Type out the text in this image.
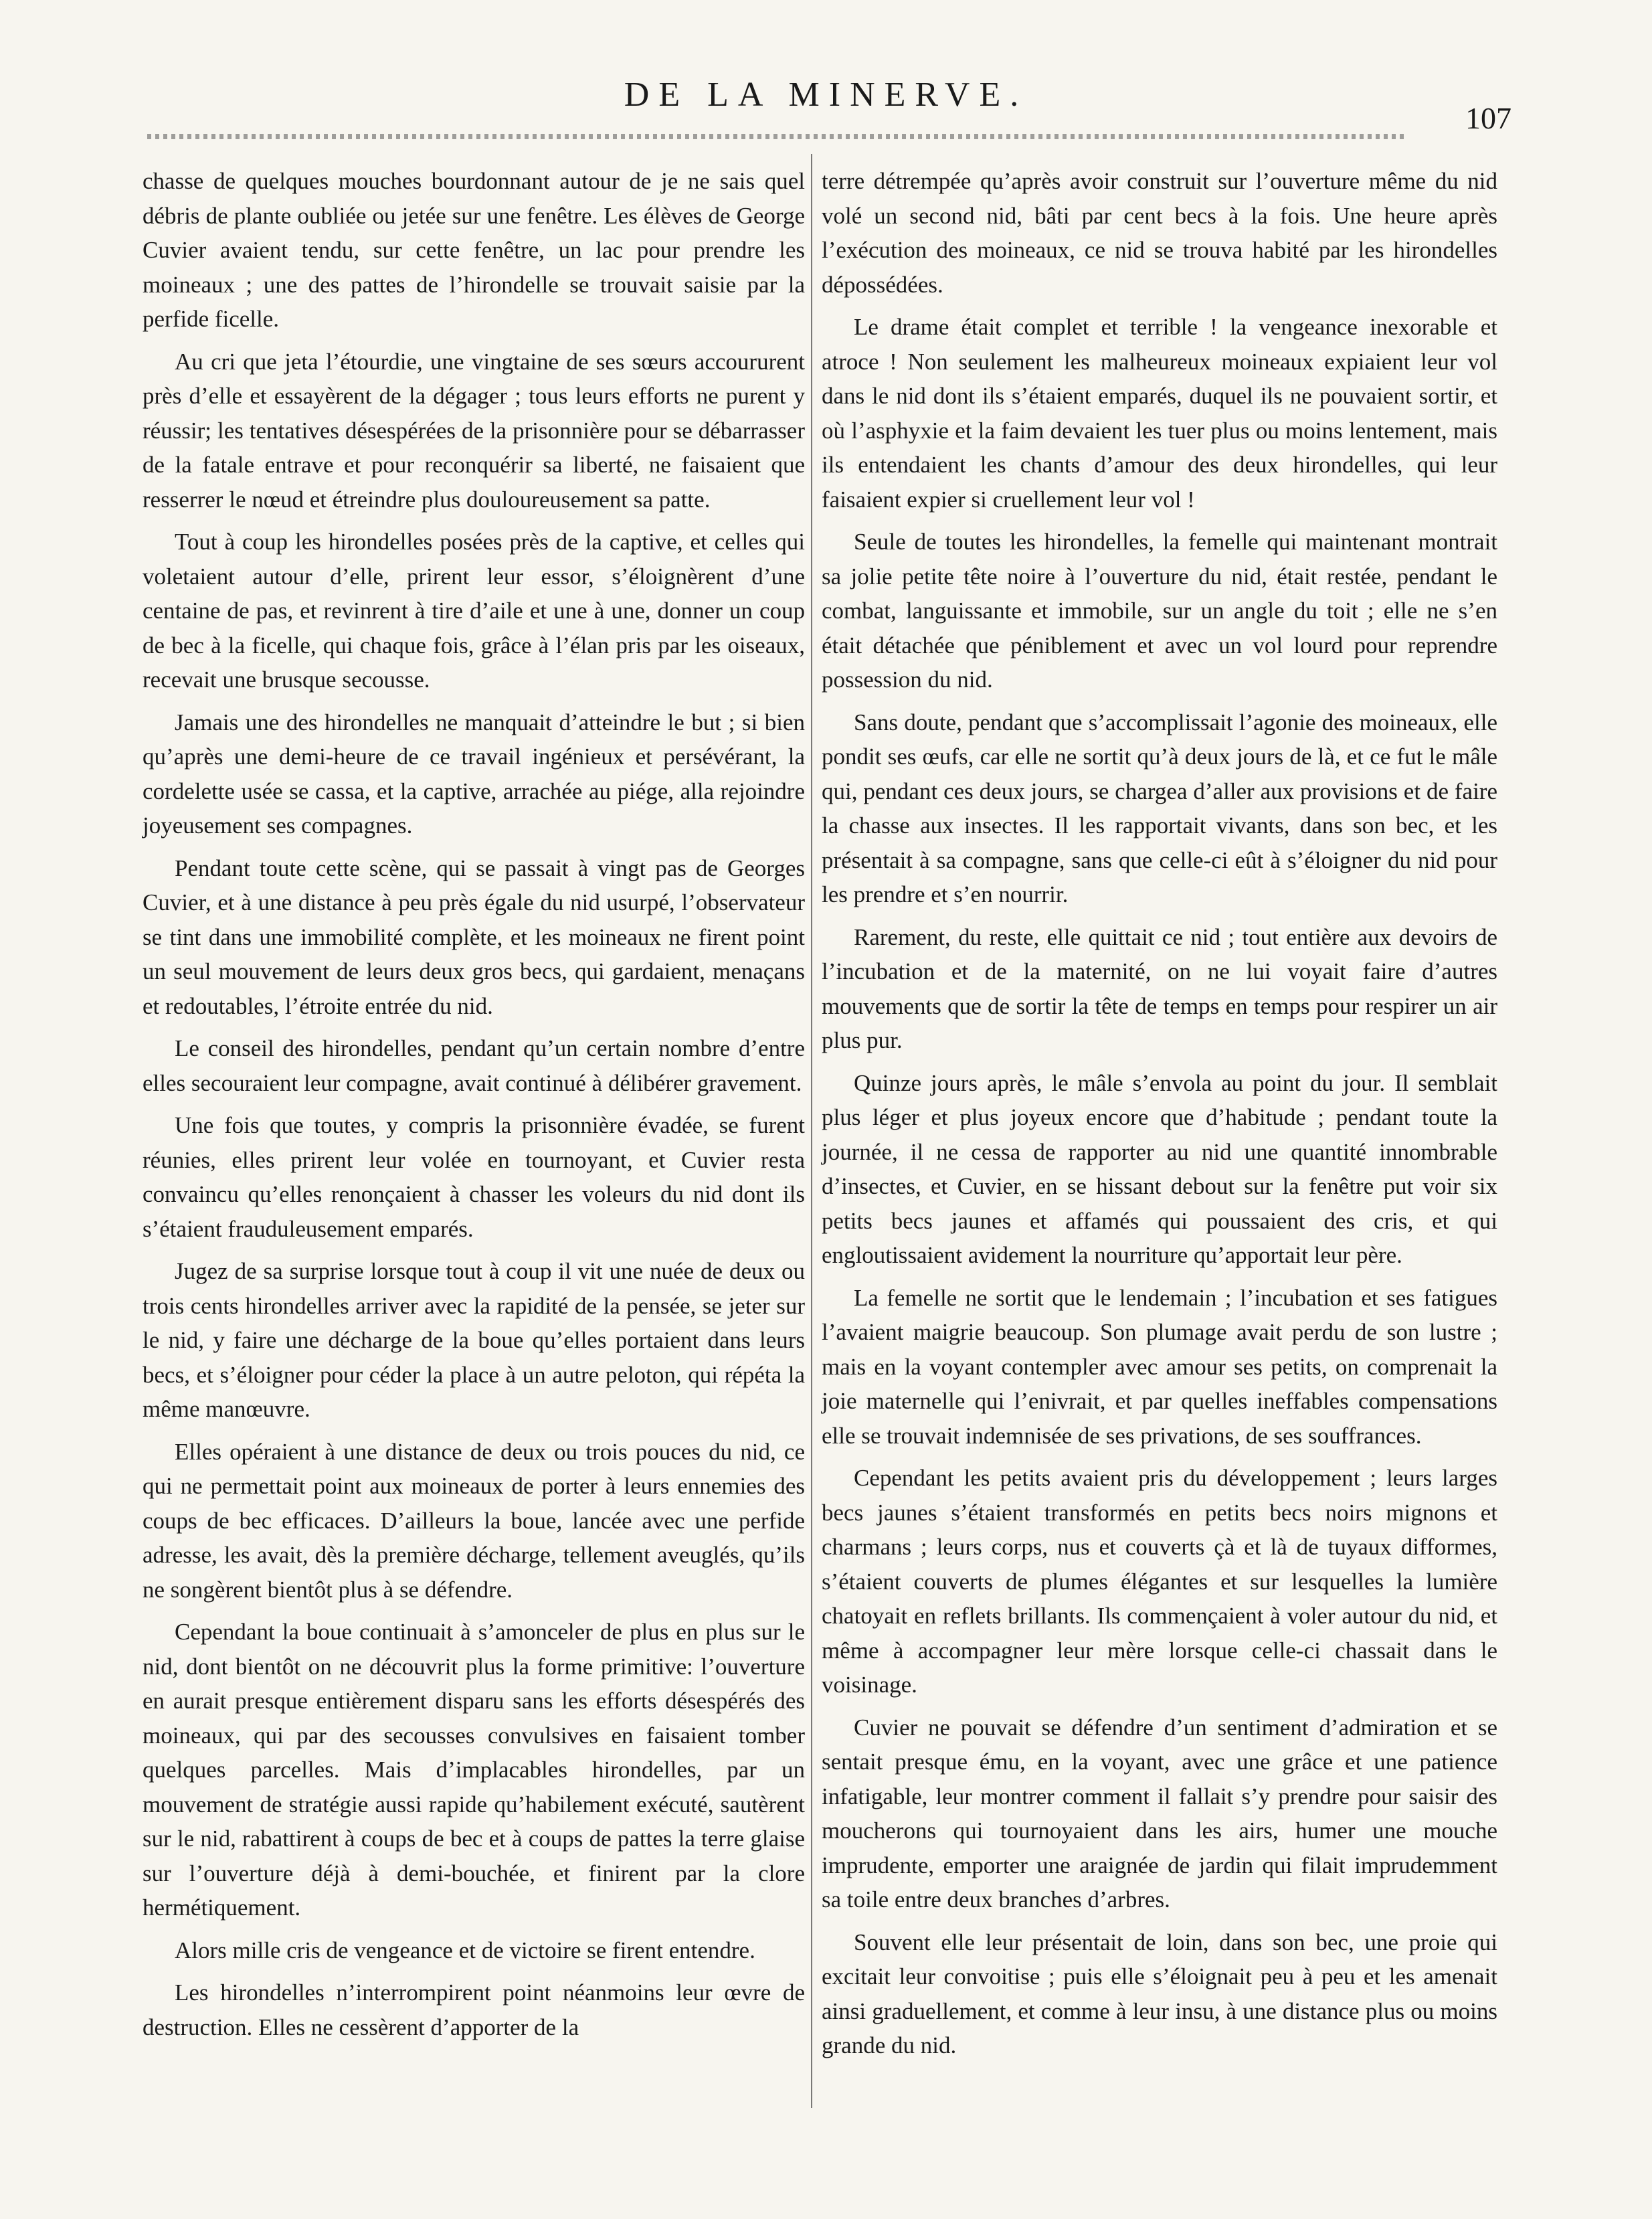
DE LA MINERVE.
107

chasse de quelques mouches bourdonnant autour de je ne sais quel débris de plante oubliée ou jetée sur une fenêtre. Les élèves de George Cuvier avaient tendu, sur cette fenêtre, un lac pour prendre les moineaux ; une des pattes de l’hirondelle se trouvait saisie par la perfide ficelle.

Au cri que jeta l’étourdie, une vingtaine de ses sœurs accoururent près d’elle et essayèrent de la dégager ; tous leurs efforts ne purent y réussir; les tentatives désespérées de la prisonnière pour se débarrasser de la fatale entrave et pour reconquérir sa liberté, ne faisaient que resserrer le nœud et étreindre plus douloureusement sa patte.

Tout à coup les hirondelles posées près de la captive, et celles qui voletaient autour d’elle, prirent leur essor, s’éloignèrent d’une centaine de pas, et revinrent à tire d’aile et une à une, donner un coup de bec à la ficelle, qui chaque fois, grâce à l’élan pris par les oiseaux, recevait une brusque secousse.

Jamais une des hirondelles ne manquait d’atteindre le but ; si bien qu’après une demi-heure de ce travail ingénieux et persévérant, la cordelette usée se cassa, et la captive, arrachée au piége, alla rejoindre joyeusement ses compagnes.

Pendant toute cette scène, qui se passait à vingt pas de Georges Cuvier, et à une distance à peu près égale du nid usurpé, l’observateur se tint dans une immobilité complète, et les moineaux ne firent point un seul mouvement de leurs deux gros becs, qui gardaient, menaçans et redoutables, l’étroite entrée du nid.

Le conseil des hirondelles, pendant qu’un certain nombre d’entre elles secouraient leur compagne, avait continué à délibérer gravement.

Une fois que toutes, y compris la prisonnière évadée, se furent réunies, elles prirent leur volée en tournoyant, et Cuvier resta convaincu qu’elles renonçaient à chasser les voleurs du nid dont ils s’étaient frauduleusement emparés.

Jugez de sa surprise lorsque tout à coup il vit une nuée de deux ou trois cents hirondelles arriver avec la rapidité de la pensée, se jeter sur le nid, y faire une décharge de la boue qu’elles portaient dans leurs becs, et s’éloigner pour céder la place à un autre peloton, qui répéta la même manœuvre.

Elles opéraient à une distance de deux ou trois pouces du nid, ce qui ne permettait point aux moineaux de porter à leurs ennemies des coups de bec efficaces. D’ailleurs la boue, lancée avec une perfide adresse, les avait, dès la première décharge, tellement aveuglés, qu’ils ne songèrent bientôt plus à se défendre.

Cependant la boue continuait à s’amonceler de plus en plus sur le nid, dont bientôt on ne découvrit plus la forme primitive: l’ouverture en aurait presque entièrement disparu sans les efforts désespérés des moineaux, qui par des secousses convulsives en faisaient tomber quelques parcelles. Mais d’implacables hirondelles, par un mouvement de stratégie aussi rapide qu’habilement exécuté, sautèrent sur le nid, rabattirent à coups de bec et à coups de pattes la terre glaise sur l’ouverture déjà à demi-bouchée, et finirent par la clore hermétiquement.

Alors mille cris de vengeance et de victoire se firent entendre.

Les hirondelles n’interrompirent point néanmoins leur œvre de destruction. Elles ne cessèrent d’apporter de la

terre détrempée qu’après avoir construit sur l’ouverture même du nid volé un second nid, bâti par cent becs à la fois. Une heure après l’exécution des moineaux, ce nid se trouva habité par les hirondelles dépossédées.

Le drame était complet et terrible ! la vengeance inexorable et atroce ! Non seulement les malheureux moineaux expiaient leur vol dans le nid dont ils s’étaient emparés, duquel ils ne pouvaient sortir, et où l’asphyxie et la faim devaient les tuer plus ou moins lentement, mais ils entendaient les chants d’amour des deux hirondelles, qui leur faisaient expier si cruellement leur vol !

Seule de toutes les hirondelles, la femelle qui maintenant montrait sa jolie petite tête noire à l’ouverture du nid, était restée, pendant le combat, languissante et immobile, sur un angle du toit ; elle ne s’en était détachée que péniblement et avec un vol lourd pour reprendre possession du nid.

Sans doute, pendant que s’accomplissait l’agonie des moineaux, elle pondit ses œufs, car elle ne sortit qu’à deux jours de là, et ce fut le mâle qui, pendant ces deux jours, se chargea d’aller aux provisions et de faire la chasse aux insectes. Il les rapportait vivants, dans son bec, et les présentait à sa compagne, sans que celle-ci eût à s’éloigner du nid pour les prendre et s’en nourrir.

Rarement, du reste, elle quittait ce nid ; tout entière aux devoirs de l’incubation et de la maternité, on ne lui voyait faire d’autres mouvements que de sortir la tête de temps en temps pour respirer un air plus pur.

Quinze jours après, le mâle s’envola au point du jour. Il semblait plus léger et plus joyeux encore que d’habitude ; pendant toute la journée, il ne cessa de rapporter au nid une quantité innombrable d’insectes, et Cuvier, en se hissant debout sur la fenêtre put voir six petits becs jaunes et affamés qui poussaient des cris, et qui engloutissaient avidement la nourriture qu’apportait leur père.

La femelle ne sortit que le lendemain ; l’incubation et ses fatigues l’avaient maigrie beaucoup. Son plumage avait perdu de son lustre ; mais en la voyant contempler avec amour ses petits, on comprenait la joie maternelle qui l’enivrait, et par quelles ineffables compensations elle se trouvait indemnisée de ses privations, de ses souffrances.

Cependant les petits avaient pris du développement ; leurs larges becs jaunes s’étaient transformés en petits becs noirs mignons et charmans ; leurs corps, nus et couverts çà et là de tuyaux difformes, s’étaient couverts de plumes élégantes et sur lesquelles la lumière chatoyait en reflets brillants. Ils commençaient à voler autour du nid, et même à accompagner leur mère lorsque celle-ci chassait dans le voisinage.

Cuvier ne pouvait se défendre d’un sentiment d’admiration et se sentait presque ému, en la voyant, avec une grâce et une patience infatigable, leur montrer comment il fallait s’y prendre pour saisir des moucherons qui tournoyaient dans les airs, humer une mouche imprudente, emporter une araignée de jardin qui filait imprudemment sa toile entre deux branches d’arbres.

Souvent elle leur présentait de loin, dans son bec, une proie qui excitait leur convoitise ; puis elle s’éloignait peu à peu et les amenait ainsi graduellement, et comme à leur insu, à une distance plus ou moins grande du nid.
